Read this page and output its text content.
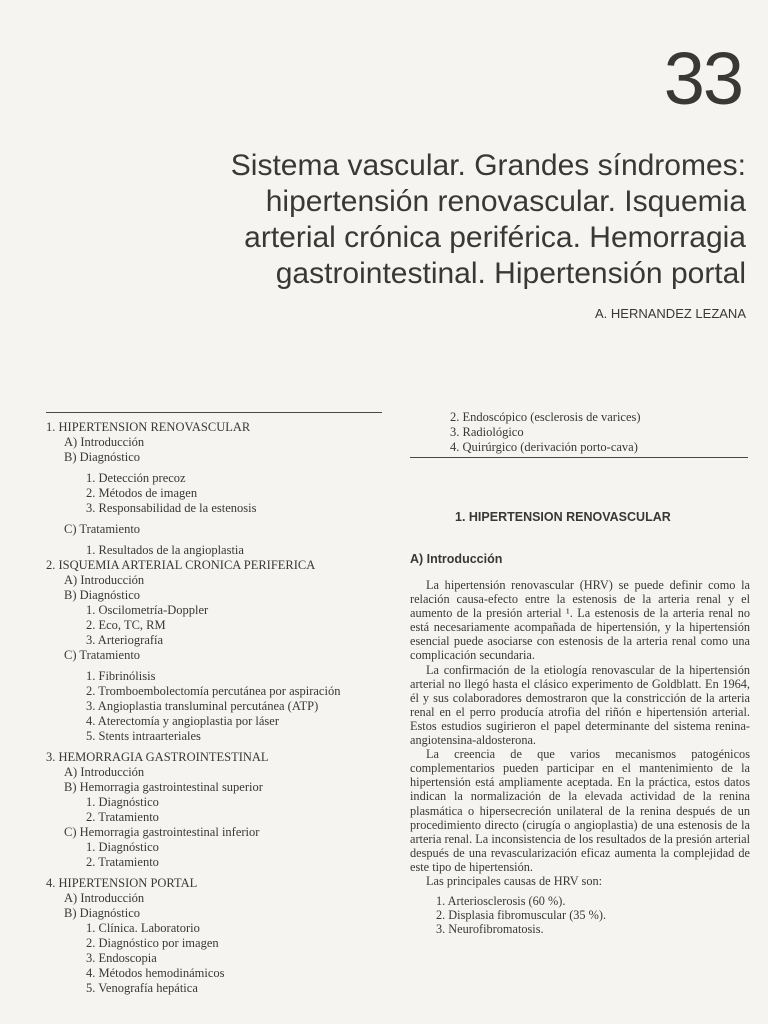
33
Sistema vascular. Grandes síndromes:
hipertensión renovascular. Isquemia
arterial crónica periférica. Hemorragia
gastrointestinal. Hipertensión portal
A. HERNANDEZ LEZANA
1. HIPERTENSION RENOVASCULAR
A) Introducción
B) Diagnóstico
1. Detección precoz
2. Métodos de imagen
3. Responsabilidad de la estenosis
C) Tratamiento
1. Resultados de la angioplastia
2. ISQUEMIA ARTERIAL CRONICA PERIFERICA
A) Introducción
B) Diagnóstico
1. Oscilometría-Doppler
2. Eco, TC, RM
3. Arteriografía
C) Tratamiento
1. Fibrinólisis
2. Tromboembolectomía percutánea por aspiración
3. Angioplastia transluminal percutánea (ATP)
4. Aterectomía y angioplastia por láser
5. Stents intraarteriales
3. HEMORRAGIA GASTROINTESTINAL
A) Introducción
B) Hemorragia gastrointestinal superior
1. Diagnóstico
2. Tratamiento
C) Hemorragia gastrointestinal inferior
1. Diagnóstico
2. Tratamiento
4. HIPERTENSION PORTAL
A) Introducción
B) Diagnóstico
1. Clínica. Laboratorio
2. Diagnóstico por imagen
3. Endoscopia
4. Métodos hemodinámicos
5. Venografía hepática
2. Endoscópico (esclerosis de varices)
3. Radiológico
4. Quirúrgico (derivación porto-cava)
1. HIPERTENSION RENOVASCULAR
A) Introducción

La hipertensión renovascular (HRV) se puede definir como la relación causa-efecto entre la estenosis de la arteria renal y el aumento de la presión arterial ¹. La estenosis de la arteria renal no está necesariamente acompañada de hipertensión, y la hipertensión esencial puede asociarse con estenosis de la arteria renal como una complicación secundaria.

La confirmación de la etiología renovascular de la hipertensión arterial no llegó hasta el clásico experimento de Goldblatt. En 1964, él y sus colaboradores demostraron que la constricción de la arteria renal en el perro producía atrofia del riñón e hipertensión arterial. Estos estudios sugirieron el papel determinante del sistema renina-angiotensina-aldosterona.

La creencia de que varios mecanismos patogénicos complementarios pueden participar en el mantenimiento de la hipertensión está ampliamente aceptada. En la práctica, estos datos indican la normalización de la elevada actividad de la renina plasmática o hipersecreción unilateral de la renina después de un procedimiento directo (cirugía o angioplastia) de una estenosis de la arteria renal. La inconsistencia de los resultados de la presión arterial después de una revascularización eficaz aumenta la complejidad de este tipo de hipertensión.

Las principales causas de HRV son:

1. Arteriosclerosis (60 %).

2. Displasia fibromuscular (35 %).

3. Neurofibromatosis.
